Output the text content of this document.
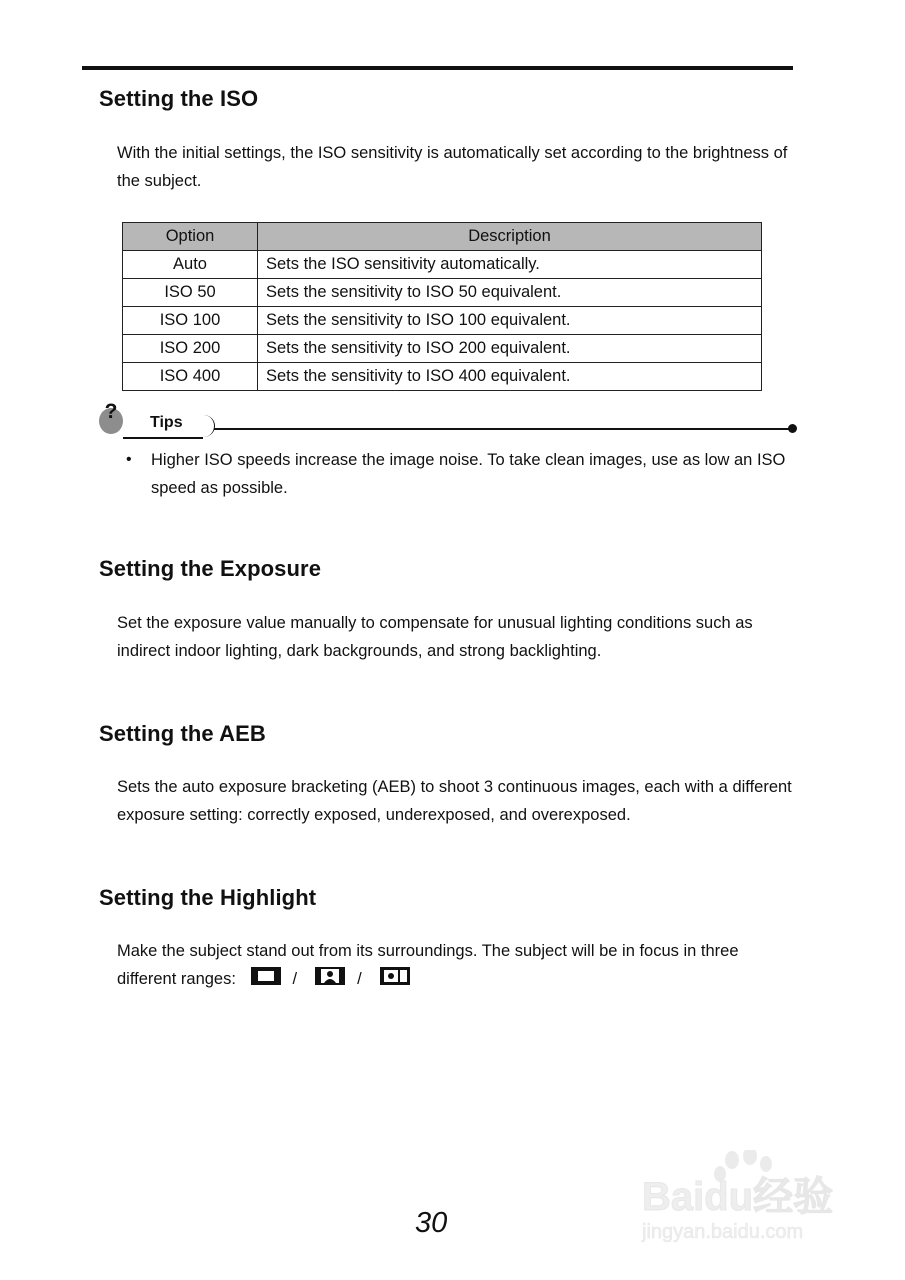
Setting the ISO

With the initial settings, the ISO sensitivity is automatically set according to the brightness of the subject.

Option	Description
Auto	Sets the ISO sensitivity automatically.
ISO 50	Sets the sensitivity to ISO 50 equivalent.
ISO 100	Sets the sensitivity to ISO 100 equivalent.
ISO 200	Sets the sensitivity to ISO 200 equivalent.
ISO 400	Sets the sensitivity to ISO 400 equivalent.
?	Tips
• Higher ISO speeds increase the image noise. To take clean images, use as low an ISO speed as possible.

Setting the Exposure

Set the exposure value manually to compensate for unusual lighting conditions such as indirect indoor lighting, dark backgrounds, and strong backlighting.

Setting the AEB

Sets the auto exposure bracketing (AEB) to shoot 3 continuous images, each with a different exposure setting: correctly exposed, underexposed, and overexposed.

Setting the Highlight

Make the subject stand out from its surroundings. The subject will be in focus in three different ranges:	/	/

30
Baidu经验
jingyan.baidu.com
